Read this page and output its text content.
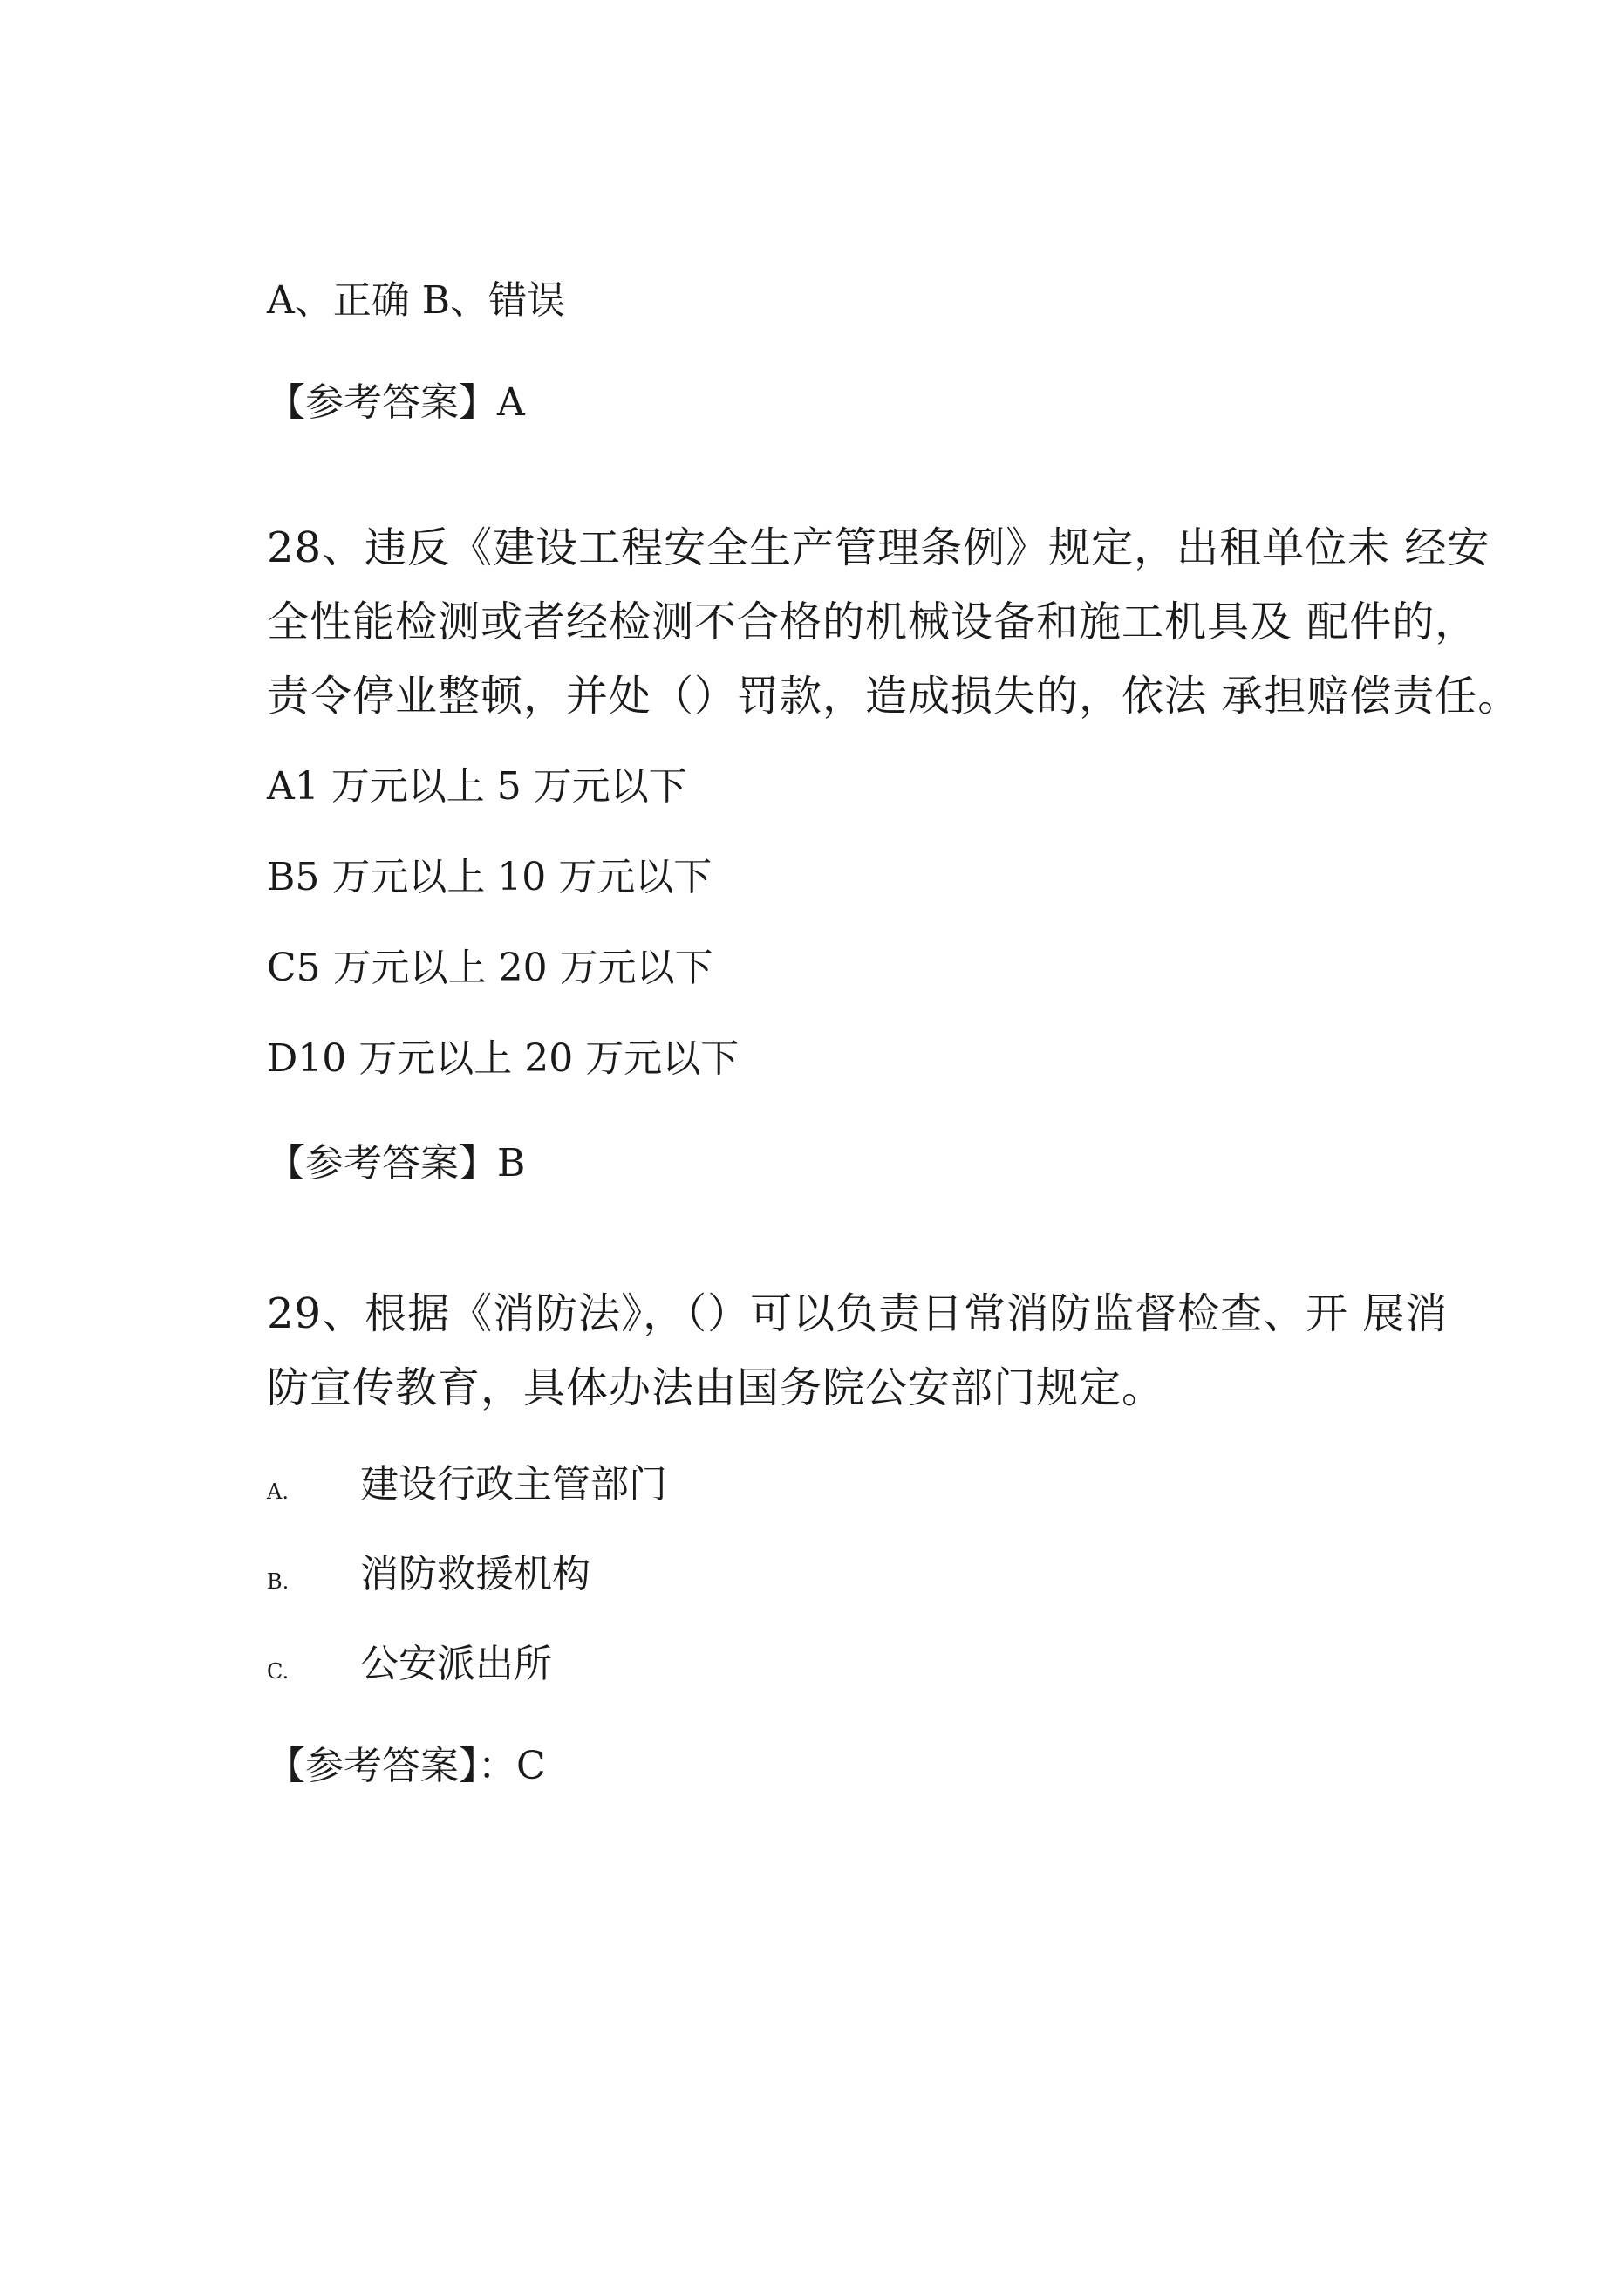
A、正确 B、错误
【参考答案】A
28、违反《建设工程安全生产管理条例》规定，出租单位未 经安
全性能检测或者经检测不合格的机械设备和施工机具及 配件的，
责令停业整顿，并处（）罚款，造成损失的，依法 承担赔偿责任。
A1 万元以上 5 万元以下
B5 万元以上 10 万元以下
C5 万元以上 20 万元以下
D10 万元以上 20 万元以下
【参考答案】B
29、根据《消防法》，（）可以负责日常消防监督检查、开 展消
防宣传教育，具体办法由国务院公安部门规定。
A. 建设行政主管部门
B. 消防救援机构
C. 公安派出所
【参考答案】：C
